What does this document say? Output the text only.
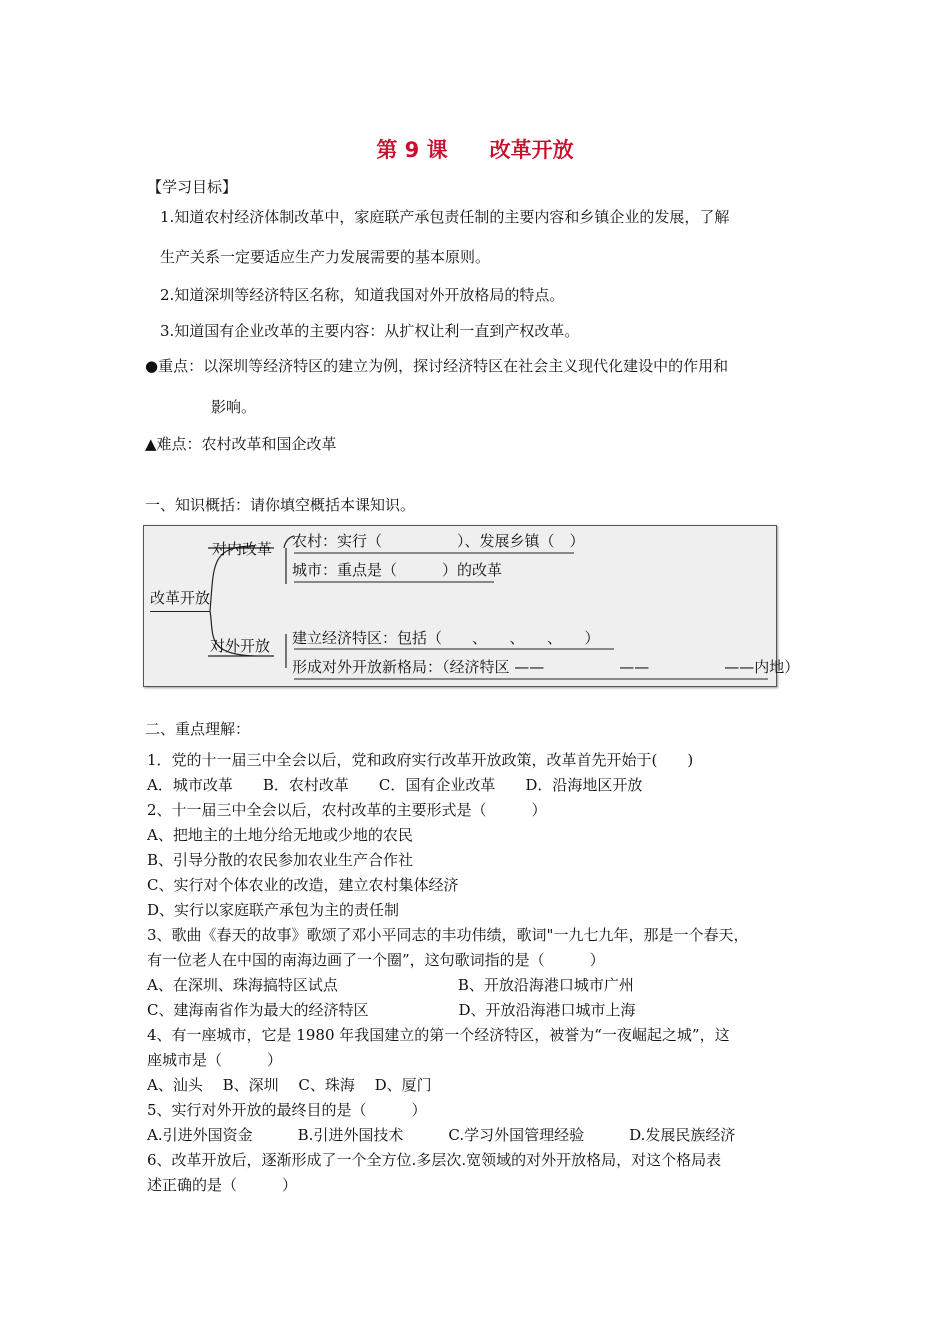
第 9 课　　改革开放
【学习目标】
1.知道农村经济体制改革中，家庭联产承包责任制的主要内容和乡镇企业的发展，了解
生产关系一定要适应生产力发展需要的基本原则。
2.知道深圳等经济特区名称，知道我国对外开放格局的特点。
3.知道国有企业改革的主要内容：从扩权让利一直到产权改革。
●重点：以深圳等经济特区的建立为例，探讨经济特区在社会主义现代化建设中的作用和
影响。
▲难点：农村改革和国企改革
一、知识概括：请你填空概括本课知识。
改革开放
对内改革 农村：实行（　　　　　）、发展乡镇（　）
城市：重点是（　　　）的改革
对外开放 建立经济特区：包括（　　、　　、　　、　　）
形成对外开放新格局：（经济特区 ——　　　　　——　　　　　——内地）
二、重点理解：
1．党的十一届三中全会以后，党和政府实行改革开放政策，改革首先开始于(　　)
A．城市改革　　B．农村改革　　C．国有企业改革　　D．沿海地区开放
2、十一届三中全会以后，农村改革的主要形式是（　　　）
A、把地主的土地分给无地或少地的农民
B、引导分散的农民参加农业生产合作社
C、实行对个体农业的改造，建立农村集体经济
D、实行以家庭联产承包为主的责任制
3、歌曲《春天的故事》歌颂了邓小平同志的丰功伟绩，歌词"一九七九年，那是一个春天，
有一位老人在中国的南海边画了一个圈”，这句歌词指的是（　　　）
A、在深圳、珠海搞特区试点　　　　　　　　B、开放沿海港口城市广州
C、建海南省作为最大的经济特区　　　　　　D、开放沿海港口城市上海
4、有一座城市，它是 1980 年我国建立的第一个经济特区，被誉为“一夜崛起之城”，这
座城市是（　　　）
A、汕头　 B、深圳　 C、珠海　 D、厦门
5、实行对外开放的最终目的是（　　　）
A.引进外国资金　　　B.引进外国技术　　　C.学习外国管理经验　　　D.发展民族经济
6、改革开放后，逐渐形成了一个全方位.多层次.宽领域的对外开放格局，对这个格局表
述正确的是（　　　）
